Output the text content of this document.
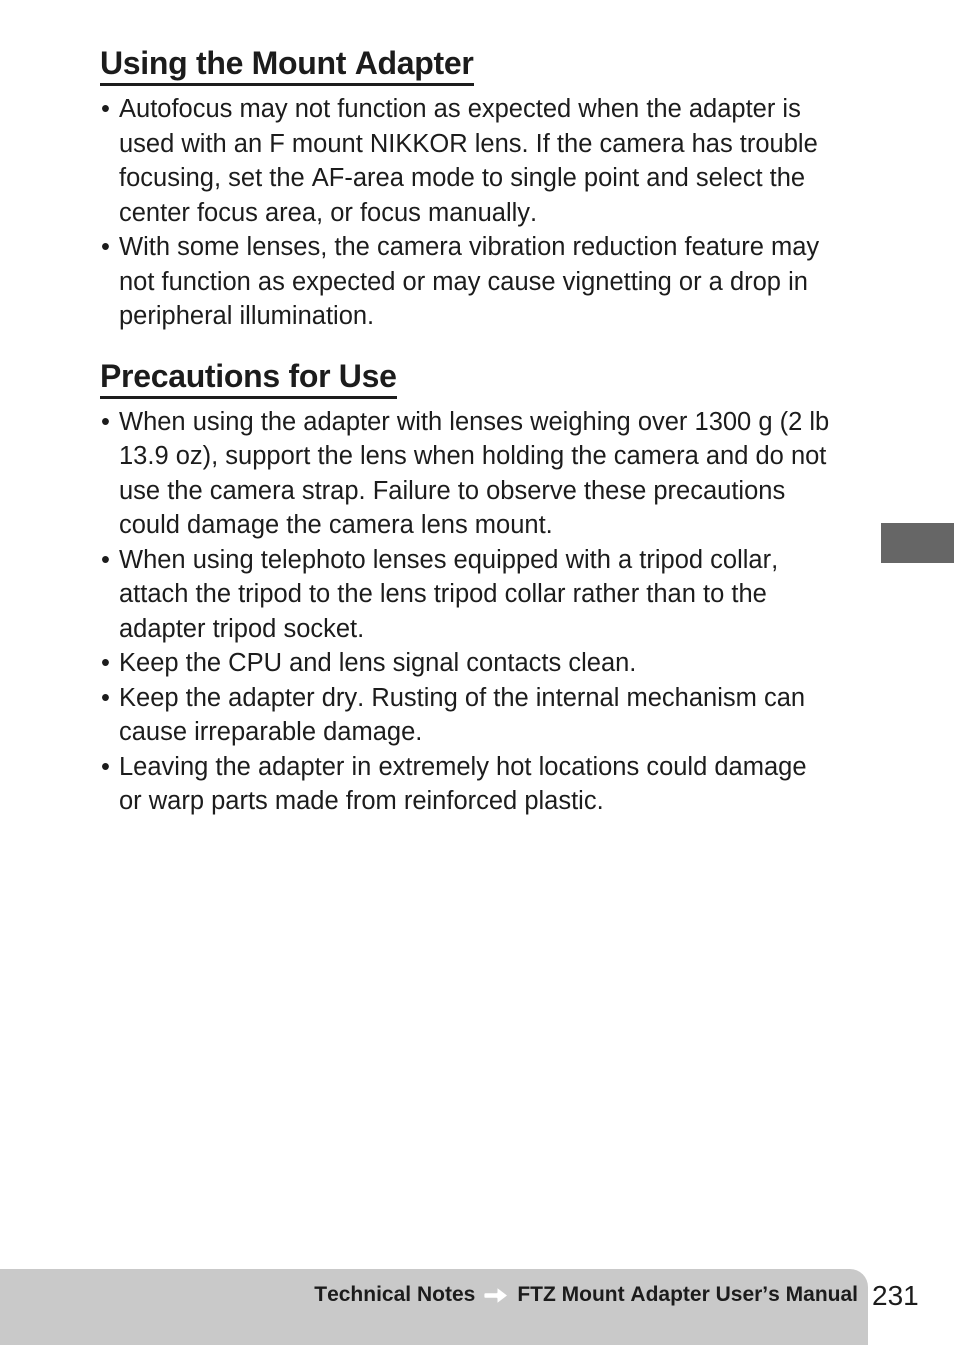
Using the Mount Adapter
• Autofocus may not function as expected when the adapter is used with an F mount NIKKOR lens. If the camera has trouble focusing, set the AF-area mode to single point and select the center focus area, or focus manually.
• With some lenses, the camera vibration reduction feature may not function as expected or may cause vignetting or a drop in peripheral illumination.
Precautions for Use
• When using the adapter with lenses weighing over 1300 g (2 lb 13.9 oz), support the lens when holding the camera and do not use the camera strap. Failure to observe these precautions could damage the camera lens mount.
• When using telephoto lenses equipped with a tripod collar, attach the tripod to the lens tripod collar rather than to the adapter tripod socket.
• Keep the CPU and lens signal contacts clean.
• Keep the adapter dry. Rusting of the internal mechanism can cause irreparable damage.
• Leaving the adapter in extremely hot locations could damage or warp parts made from reinforced plastic.
Technical Notes FTZ Mount Adapter User’s Manual 231
